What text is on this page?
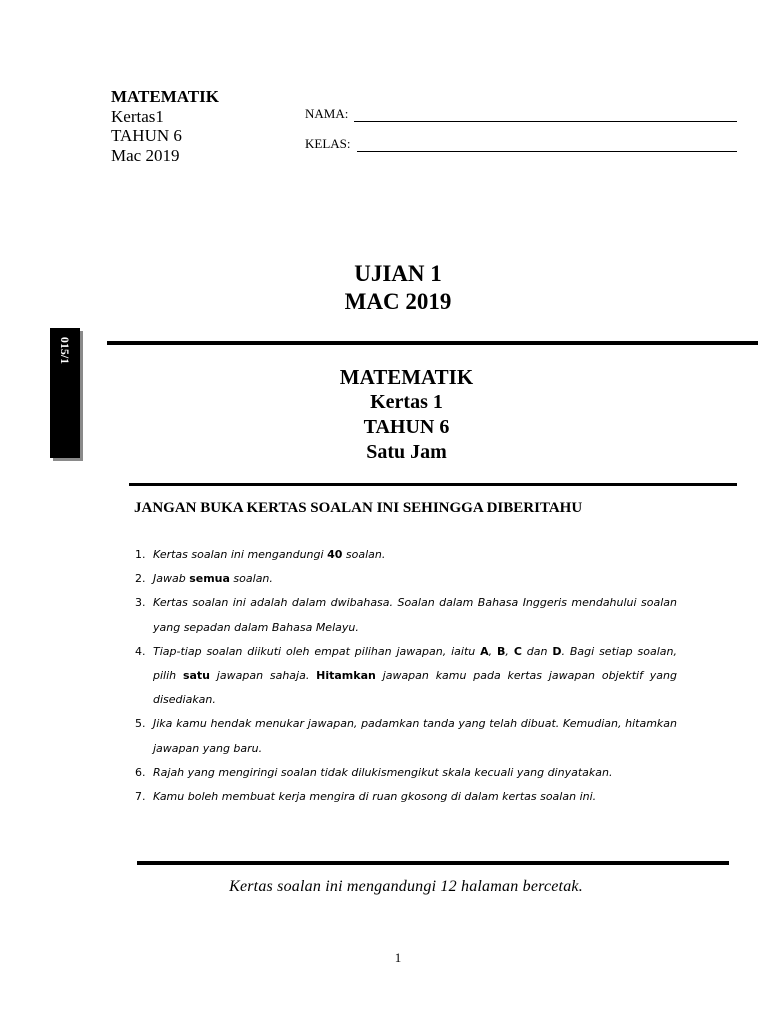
MATEMATIK
Kertas1
TAHUN 6
Mac 2019
NAMA:
KELAS:
UJIAN 1
MAC 2019
015/1
MATEMATIK
Kertas 1
TAHUN 6
Satu Jam
JANGAN BUKA KERTAS SOALAN INI SEHINGGA DIBERITAHU
1. Kertas soalan ini mengandungi 40 soalan.
2. Jawab semua soalan.
3. Kertas soalan ini adalah dalam dwibahasa. Soalan dalam Bahasa Inggeris mendahului soalan yang sepadan dalam Bahasa Melayu.
4. Tiap-tiap soalan diikuti oleh empat pilihan jawapan, iaitu A, B, C dan D. Bagi setiap soalan, pilih satu jawapan sahaja. Hitamkan jawapan kamu pada kertas jawapan objektif yang disediakan.
5. Jika kamu hendak menukar jawapan, padamkan tanda yang telah dibuat. Kemudian, hitamkan jawapan yang baru.
6. Rajah yang mengiringi soalan tidak dilukismengikut skala kecuali yang dinyatakan.
7. Kamu boleh membuat kerja mengira di ruan gkosong di dalam kertas soalan ini.
Kertas soalan ini mengandungi 12 halaman bercetak.
1
